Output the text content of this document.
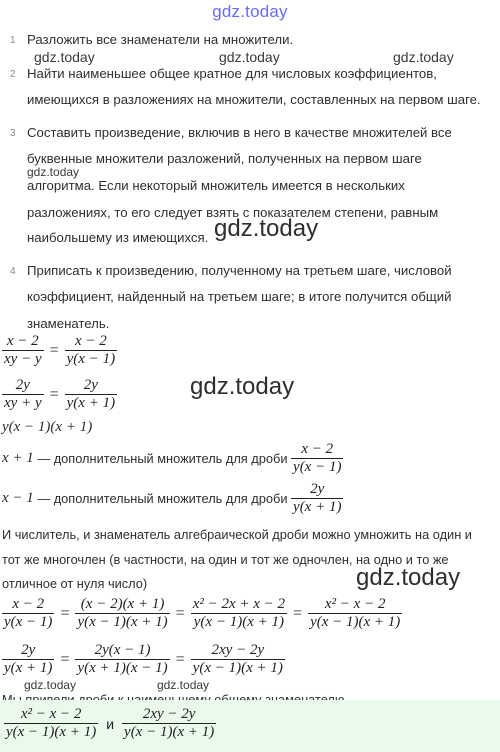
gdz.today
1 Разложить все знаменатели на множители.
gdz.today	gdz.today	gdz.today
2 Найти наименьшее общее кратное для числовых коэффициентов,
имеющихся в разложениях на множители, составленных на первом шаге.
3 Составить произведение, включив в него в качестве множителей все
буквенные множители разложений, полученных на первом шаге
gdz.today
алгоритма. Если некоторый множитель имеется в нескольких
разложениях, то его следует взять с показателем степени, равным
наибольшему из имеющихся. gdz.today
4 Приписать к произведению, полученному на третьем шаге, числовой
коэффициент, найденный на третьем шаге; в итоге получится общий
знаменатель.
$\frac{x - 2}{xy - y} = \frac{x - 2}{y(x - 1)}$
$\frac{2y}{xy + y} = \frac{2y}{y(x + 1)}$	gdz.today
y(x − 1)(x + 1)
x + 1 — дополнительный множитель для дроби $\frac{x - 2}{y(x - 1)}$
x − 1 — дополнительный множитель для дроби $\frac{2y}{y(x + 1)}$
И числитель, и знаменатель алгебраической дроби можно умножить на один и
тот же многочлен (в частности, на один и тот же одночлен, на одно и то же
отличное от нуля число)	gdz.today
$\frac{x - 2}{y(x - 1)} = \frac{(x - 2)(x + 1)}{y(x - 1)(x + 1)} = \frac{\text{x² − 2x + x − 2}}{y(x - 1)(x + 1)} = \frac{\text{x² − x − 2}}{y(x - 1)(x + 1)}$
$\frac{2y}{y(x + 1)} = \frac{2y(x - 1)}{y(x + 1)(x - 1)} = \frac{2xy - 2y}{y(x - 1)(x + 1)}$
gdz.today	gdz.today
$\frac{\text{x² − x − 2}}{y(x - 1)(x + 1)}$ и $\frac{2xy - 2y}{y(x - 1)(x + 1)}$
